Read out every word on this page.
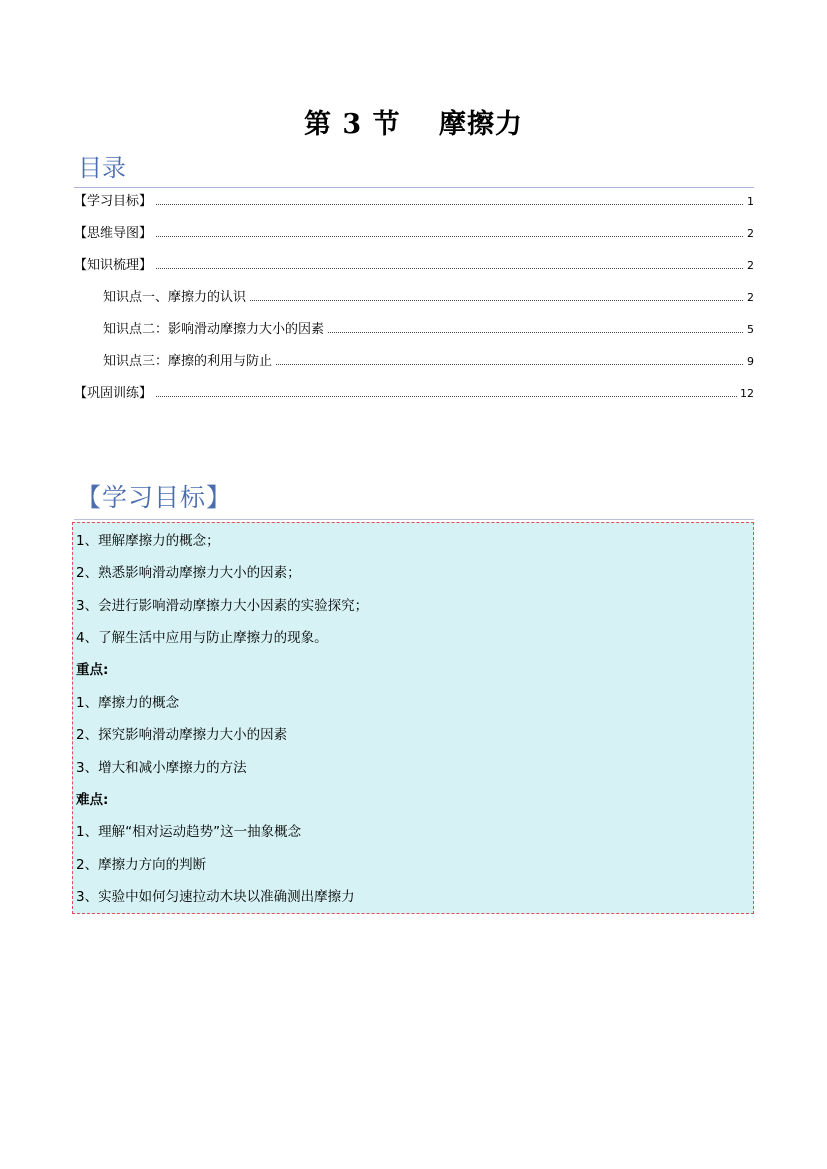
第 3 节　 摩擦力
目录
【学习目标】	1
【思维导图】	2
【知识梳理】	2
知识点一、摩擦力的认识	2
知识点二：影响滑动摩擦力大小的因素	5
知识点三：摩擦的利用与防止	9
【巩固训练】	12
【学习目标】
1、理解摩擦力的概念；
2、熟悉影响滑动摩擦力大小的因素；
3、会进行影响滑动摩擦力大小因素的实验探究；
4、了解生活中应用与防止摩擦力的现象。
重点:
1、摩擦力的概念
2、探究影响滑动摩擦力大小的因素
3、增大和减小摩擦力的方法
难点:
1、理解“相对运动趋势”这一抽象概念
2、摩擦力方向的判断
3、实验中如何匀速拉动木块以准确测出摩擦力
